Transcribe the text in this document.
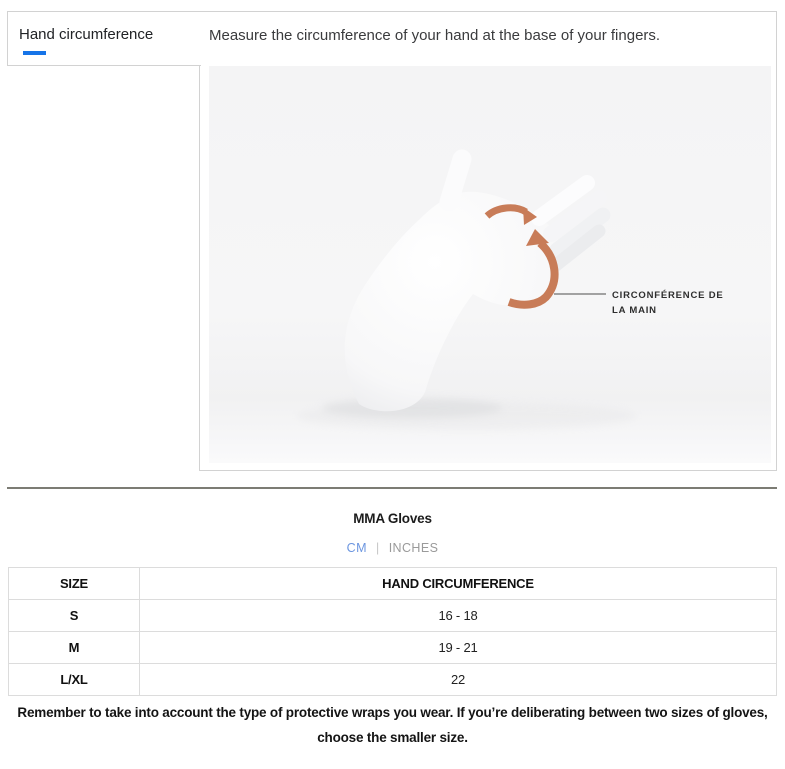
Hand circumference	Measure the circumference of your hand at the base of your fingers.

CIRCONFÉRENCE DE
LA MAIN
MMA Gloves
CM | INCHES
SIZE	HAND CIRCUMFERENCE
S	16 - 18
M	19 - 21
L/XL	22

Remember to take into account the type of protective wraps you wear. If you’re deliberating between two sizes of gloves, choose the smaller size.
